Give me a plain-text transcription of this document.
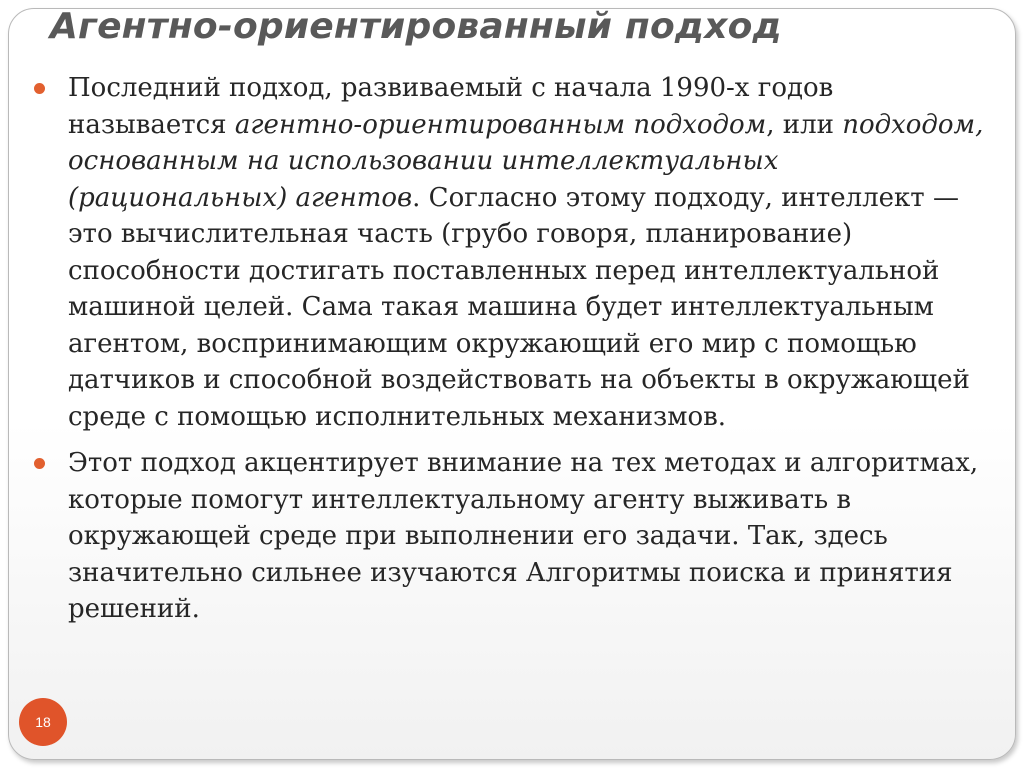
Агентно-ориентированный подход
Последний подход, развиваемый с начала 1990-х годов называется агентно-ориентированным подходом, или подходом, основанным на использовании интеллектуальных (рациональных) агентов. Согласно этому подходу, интеллект — это вычислительная часть (грубо говоря, планирование) способности достигать поставленных перед интеллектуальной машиной целей. Сама такая машина будет интеллектуальным агентом, воспринимающим окружающий его мир с помощью датчиков и способной воздействовать на объекты в окружающей среде с помощью исполнительных механизмов.
Этот подход акцентирует внимание на тех методах и алгоритмах, которые помогут интеллектуальному агенту выживать в окружающей среде при выполнении его задачи. Так, здесь значительно сильнее изучаются Алгоритмы поиска и принятия решений.
18
